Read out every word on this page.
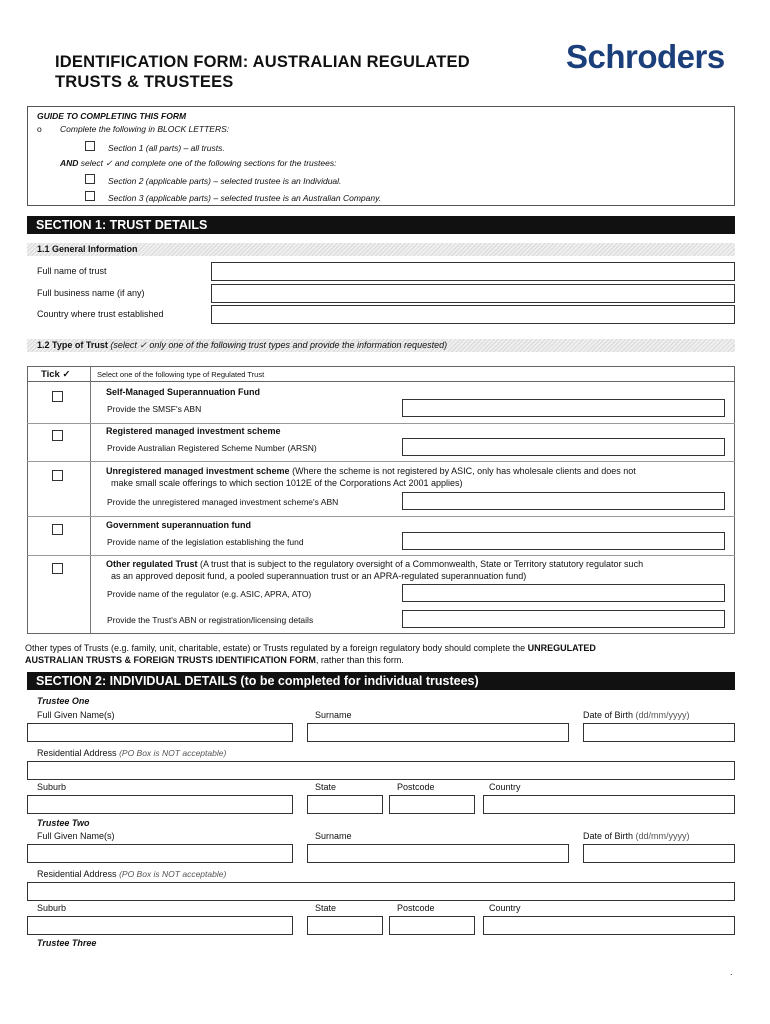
IDENTIFICATION FORM: AUSTRALIAN REGULATED
TRUSTS & TRUSTEES
Schroders
GUIDE TO COMPLETING THIS FORM
o Complete the following in BLOCK LETTERS:
Section 1 (all parts) – all trusts.
AND select ✓ and complete one of the following sections for the trustees:
Section 2 (applicable parts) – selected trustee is an Individual.
Section 3 (applicable parts) – selected trustee is an Australian Company.
SECTION 1: TRUST DETAILS
1.1 General Information
Full name of trust
Full business name (if any)
Country where trust established
1.2 Type of Trust (select ✓ only one of the following trust types and provide the information requested)
Tick ✓	Select one of the following type of Regulated Trust
Self-Managed Superannuation Fund
Provide the SMSF's ABN
Registered managed investment scheme
Provide Australian Registered Scheme Number (ARSN)
Unregistered managed investment scheme (Where the scheme is not registered by ASIC, only has wholesale clients and does not
make small scale offerings to which section 1012E of the Corporations Act 2001 applies)
Provide the unregistered managed investment scheme's ABN
Government superannuation fund
Provide name of the legislation establishing the fund
Other regulated Trust (A trust that is subject to the regulatory oversight of a Commonwealth, State or Territory statutory regulator such
as an approved deposit fund, a pooled superannuation trust or an APRA-regulated superannuation fund)
Provide name of the regulator (e.g. ASIC, APRA, ATO)
Provide the Trust's ABN or registration/licensing details
Other types of Trusts (e.g. family, unit, charitable, estate) or Trusts regulated by a foreign regulatory body should complete the UNREGULATED
AUSTRALIAN TRUSTS & FOREIGN TRUSTS IDENTIFICATION FORM, rather than this form.
SECTION 2: INDIVIDUAL DETAILS (to be completed for individual trustees)
Trustee One
Full Given Name(s)	Surname	Date of Birth (dd/mm/yyyy)
Residential Address (PO Box is NOT acceptable)
Suburb	State	Postcode	Country
Trustee Two
Full Given Name(s)	Surname	Date of Birth (dd/mm/yyyy)
Residential Address (PO Box is NOT acceptable)
Suburb	State	Postcode	Country
Trustee Three
.
